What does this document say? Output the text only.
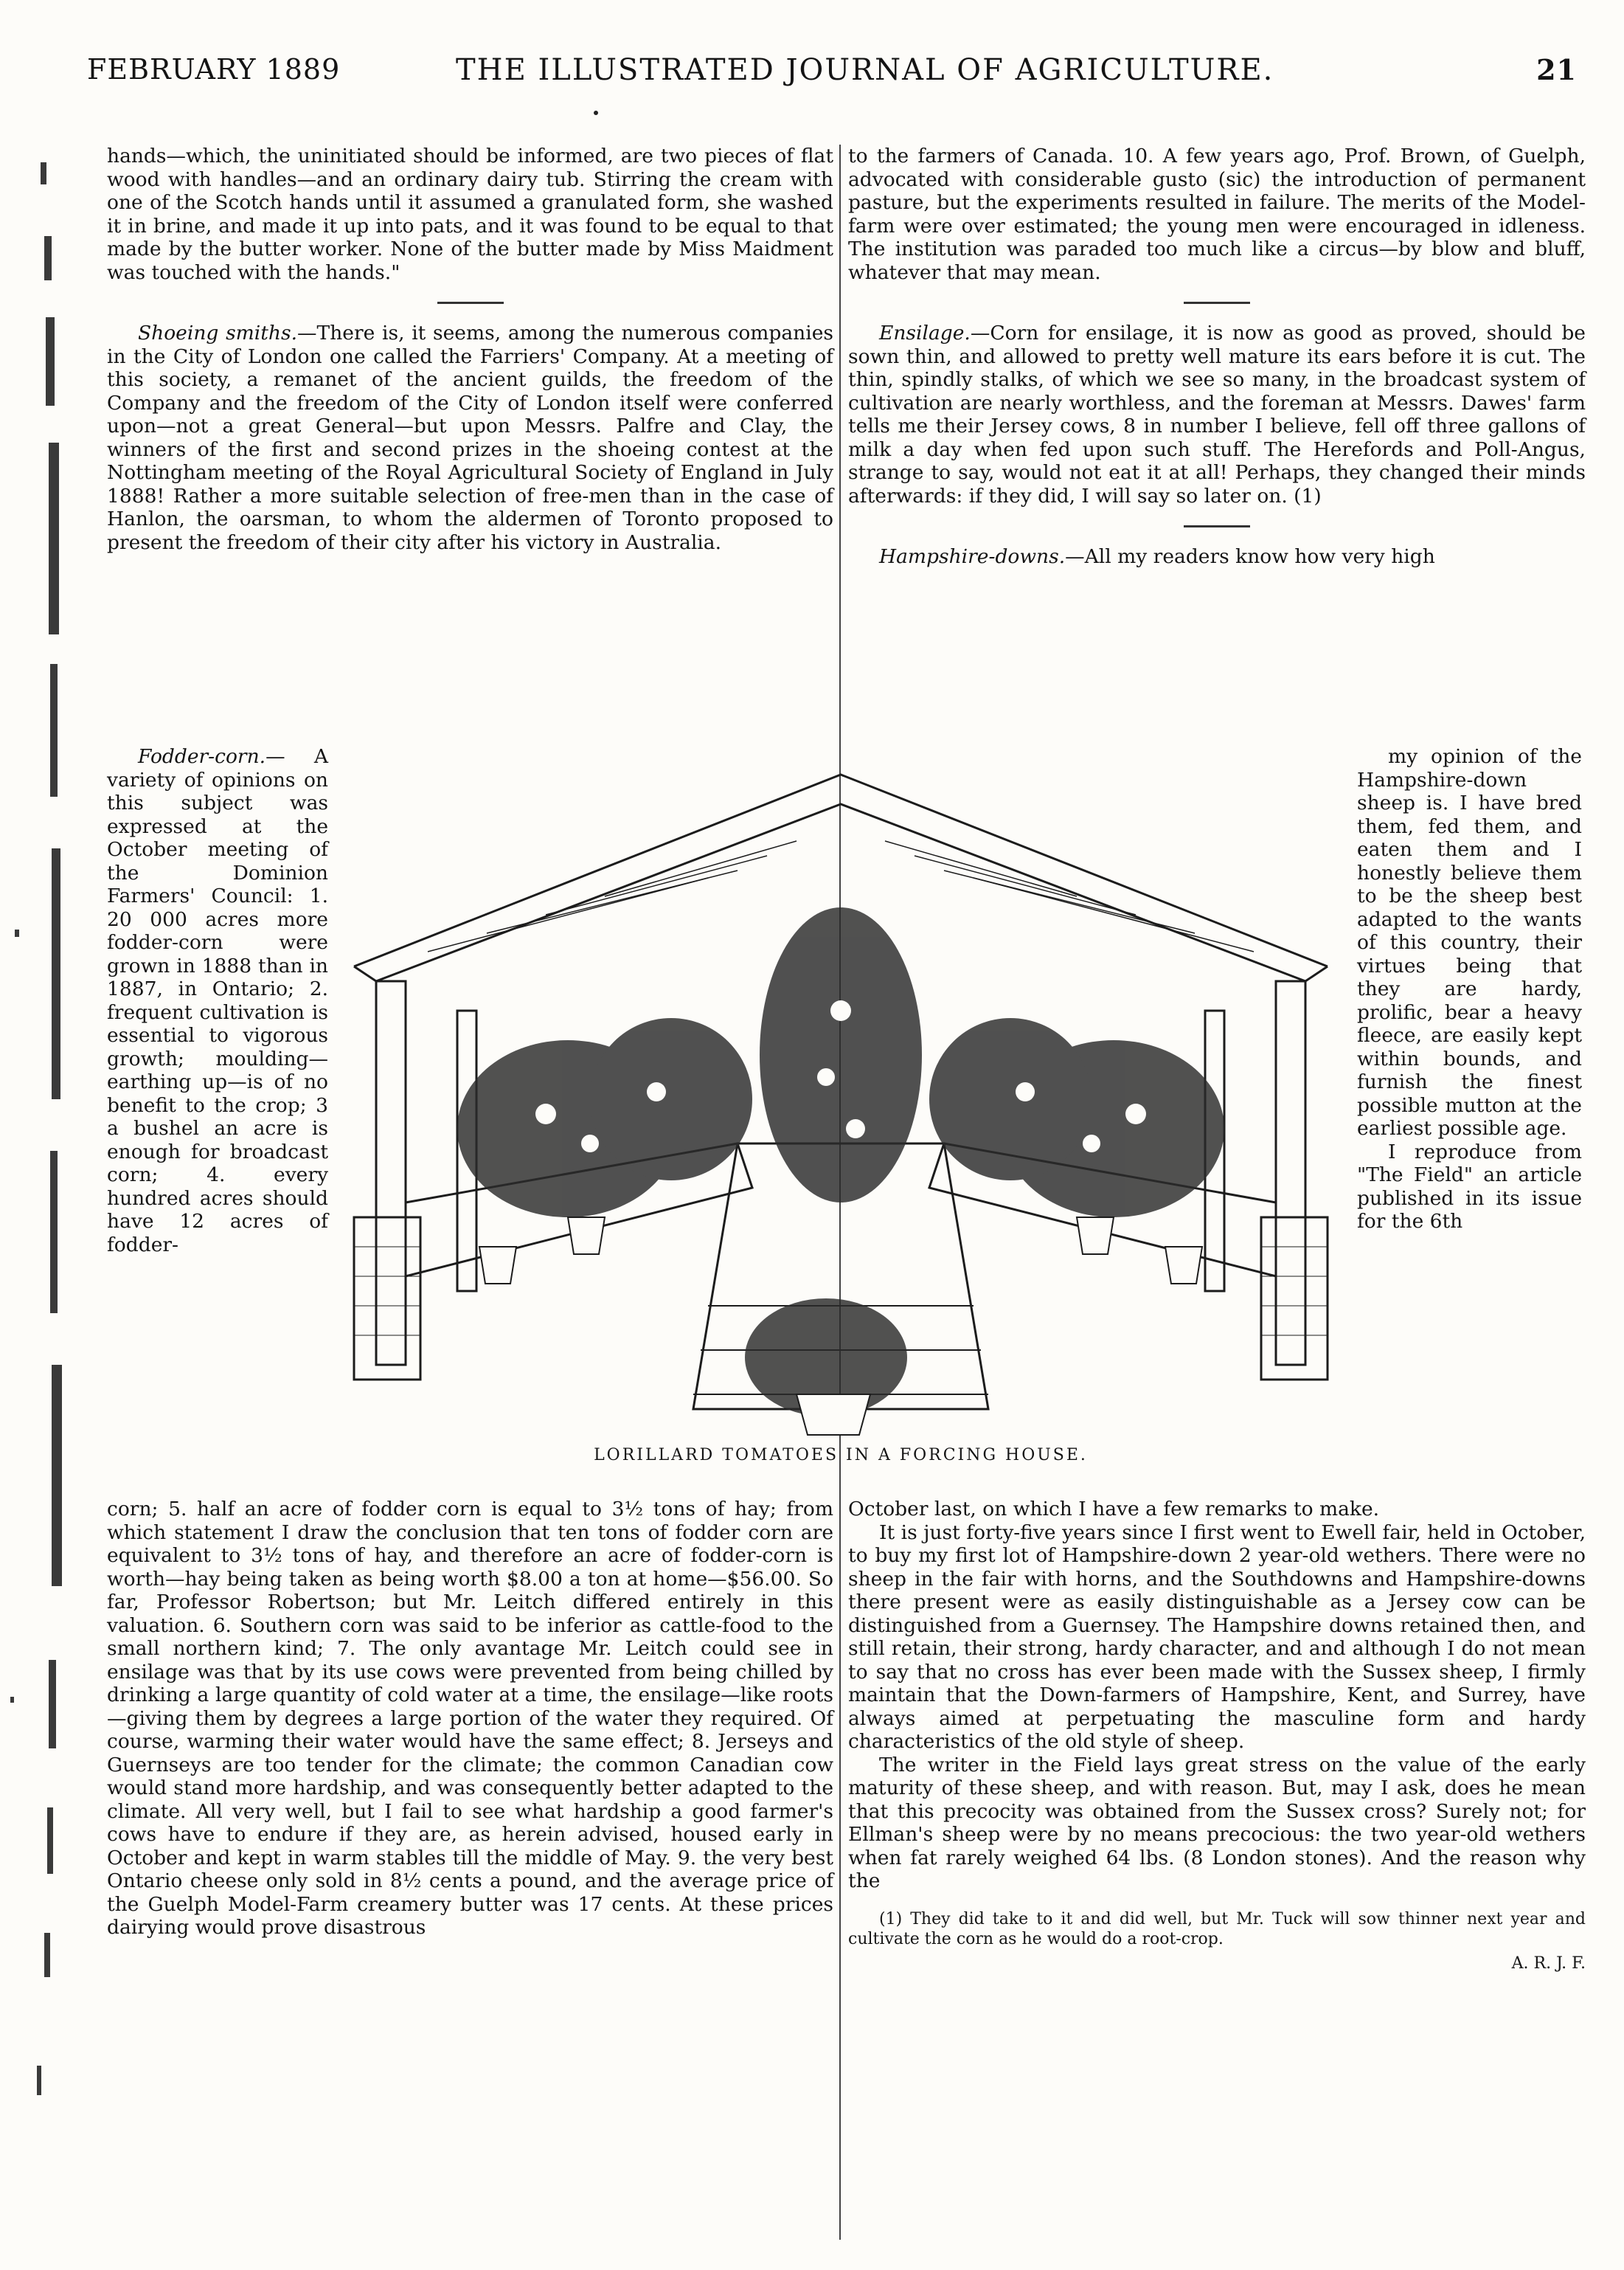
FEBRUARY 1889	THE ILLUSTRATED JOURNAL OF AGRICULTURE.	21

hands—which, the uninitiated should be informed, are two pieces of flat wood with handles—and an ordinary dairy tub. Stirring the cream with one of the Scotch hands until it assumed a granulated form, she washed it in brine, and made it up into pats, and it was found to be equal to that made by the butter worker. None of the butter made by Miss Maidment was touched with the hands."

Shoeing smiths.—There is, it seems, among the numerous companies in the City of London one called the Farriers' Company. At a meeting of this society, a remanet of the ancient guilds, the freedom of the Company and the freedom of the City of London itself were conferred upon—not a great General—but upon Messrs. Palfre and Clay, the winners of the first and second prizes in the shoeing contest at the Nottingham meeting of the Royal Agricultural Society of England in July 1888! Rather a more suitable selection of free-men than in the case of Hanlon, the oarsman, to whom the aldermen of Toronto proposed to present the freedom of their city after his victory in Australia.

to the farmers of Canada. 10. A few years ago, Prof. Brown, of Guelph, advocated with considerable gusto (sic) the introduction of permanent pasture, but the experiments resulted in failure. The merits of the Model-farm were over estimated; the young men were encouraged in idleness. The institution was paraded too much like a circus—by blow and bluff, whatever that may mean.

Ensilage.—Corn for ensilage, it is now as good as proved, should be sown thin, and allowed to pretty well mature its ears before it is cut. The thin, spindly stalks, of which we see so many, in the broadcast system of cultivation are nearly worthless, and the foreman at Messrs. Dawes' farm tells me their Jersey cows, 8 in number I believe, fell off three gallons of milk a day when fed upon such stuff. The Herefords and Poll-Angus, strange to say, would not eat it at all! Perhaps, they changed their minds afterwards: if they did, I will say so later on. (1)

Hampshire-downs.—All my readers know how very high

Fodder-corn.— A variety of opinions on this subject was expressed at the October meeting of the Dominion Farmers' Council: 1. 20 000 acres more fodder-corn were grown in 1888 than in 1887, in Ontario; 2. frequent cultivation is essential to vigorous growth; moulding—earthing up—is of no benefit to the crop; 3 a bushel an acre is enough for broadcast corn; 4. every hundred acres should have 12 acres of fodder-

LORILLARD TOMATOES IN A FORCING HOUSE.

my opinion of the Hampshire-down sheep is. I have bred them, fed them, and eaten them and I honestly believe them to be the sheep best adapted to the wants of this country, their virtues being that they are hardy, prolific, bear a heavy fleece, are easily kept within bounds, and furnish the finest possible mutton at the earliest possible age.

I reproduce from "The Field" an article published in its issue for the 6th

corn; 5. half an acre of fodder corn is equal to 3½ tons of hay; from which statement I draw the conclusion that ten tons of fodder corn are equivalent to 3½ tons of hay, and therefore an acre of fodder-corn is worth—hay being taken as being worth $8.00 a ton at home—$56.00. So far, Professor Robertson; but Mr. Leitch differed entirely in this valuation. 6. Southern corn was said to be inferior as cattle-food to the small northern kind; 7. The only avantage Mr. Leitch could see in ensilage was that by its use cows were prevented from being chilled by drinking a large quantity of cold water at a time, the ensilage—like roots—giving them by degrees a large portion of the water they required. Of course, warming their water would have the same effect; 8. Jerseys and Guernseys are too tender for the climate; the common Canadian cow would stand more hardship, and was consequently better adapted to the climate. All very well, but I fail to see what hardship a good farmer's cows have to endure if they are, as herein advised, housed early in October and kept in warm stables till the middle of May. 9. the very best Ontario cheese only sold in 8½ cents a pound, and the average price of the Guelph Model-Farm creamery butter was 17 cents. At these prices dairying would prove disastrous

October last, on which I have a few remarks to make.

It is just forty-five years since I first went to Ewell fair, held in October, to buy my first lot of Hampshire-down 2 year-old wethers. There were no sheep in the fair with horns, and the Southdowns and Hampshire-downs there present were as easily distinguishable as a Jersey cow can be distinguished from a Guernsey. The Hampshire downs retained then, and still retain, their strong, hardy character, and and although I do not mean to say that no cross has ever been made with the Sussex sheep, I firmly maintain that the Down-farmers of Hampshire, Kent, and Surrey, have always aimed at perpetuating the masculine form and hardy characteristics of the old style of sheep.

The writer in the Field lays great stress on the value of the early maturity of these sheep, and with reason. But, may I ask, does he mean that this precocity was obtained from the Sussex cross? Surely not; for Ellman's sheep were by no means precocious: the two year-old wethers when fat rarely weighed 64 lbs. (8 London stones). And the reason why the

(1) They did take to it and did well, but Mr. Tuck will sow thinner next year and cultivate the corn as he would do a root-crop.

A. R. J. F.
